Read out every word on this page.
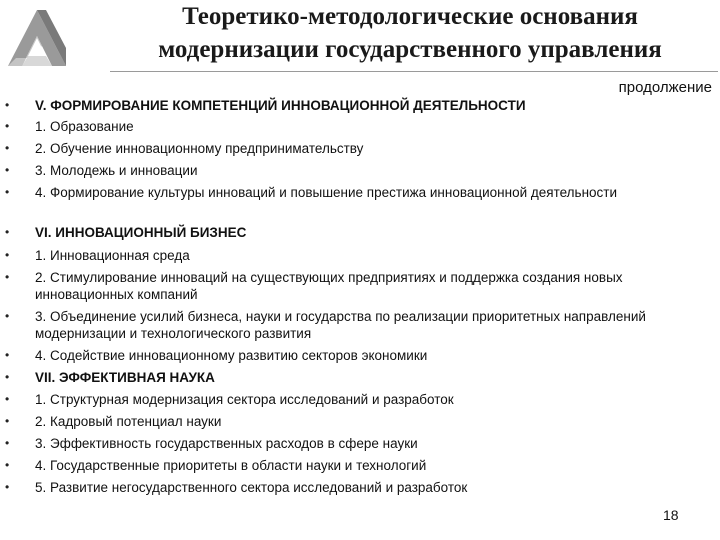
Теоретико-методологические основания
модернизации государственного управления
продолжение
• V. ФОРМИРОВАНИЕ КОМПЕТЕНЦИЙ ИННОВАЦИОННОЙ ДЕЯТЕЛЬНОСТИ
• 1. Образование
• 2. Обучение инновационному предпринимательству
• 3. Молодежь и инновации
• 4. Формирование культуры инноваций и повышение престижа инновационной деятельности
• VI. ИННОВАЦИОННЫЙ БИЗНЕС
• 1. Инновационная среда
• 2. Стимулирование инноваций на существующих предприятиях и поддержка создания новых инновационных компаний
• 3. Объединение усилий бизнеса, науки и государства по реализации приоритетных направлений модернизации и технологического развития
• 4. Содействие инновационному развитию секторов экономики
• VII. ЭФФЕКТИВНАЯ НАУКА
• 1. Структурная модернизация сектора исследований и разработок
• 2. Кадровый потенциал науки
• 3. Эффективность государственных расходов в сфере науки
• 4. Государственные приоритеты в области науки и технологий
• 5. Развитие негосударственного сектора исследований и разработок
18
